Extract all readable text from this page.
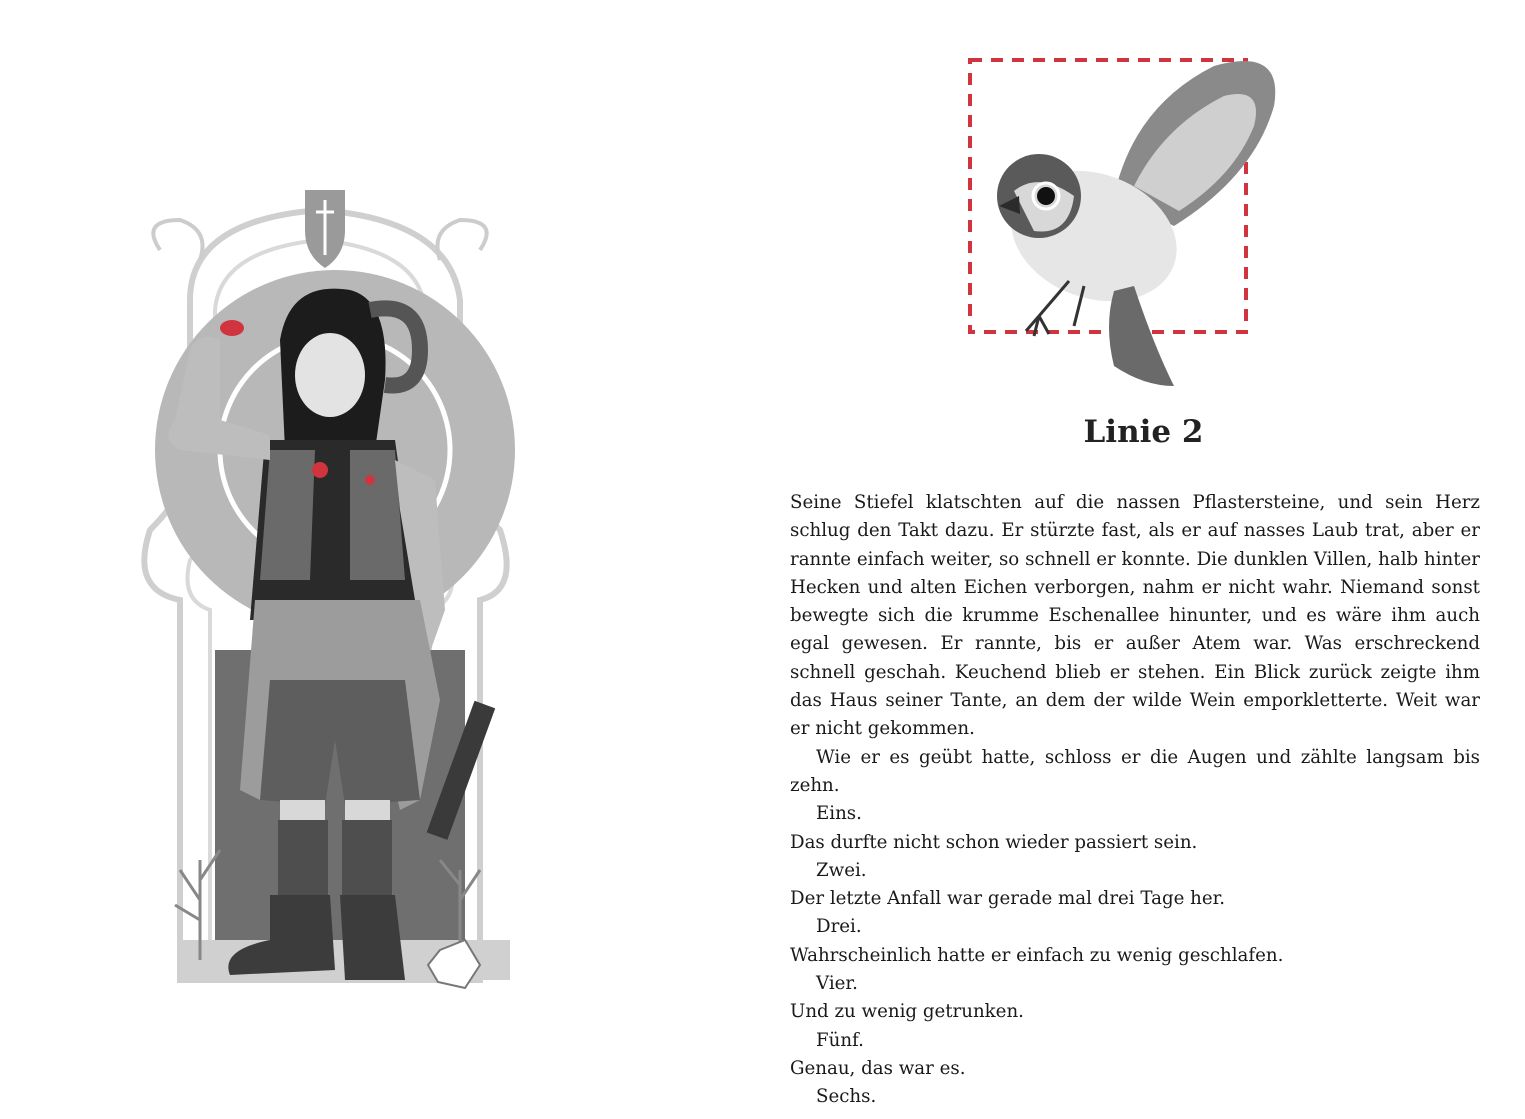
Linie 2

Seine Stiefel klatschten auf die nassen Pflastersteine, und sein Herz schlug den Takt dazu. Er stürzte fast, als er auf nasses Laub trat, aber er rannte einfach weiter, so schnell er konnte. Die dunklen Villen, halb hinter Hecken und alten Eichen verborgen, nahm er nicht wahr. Niemand sonst bewegte sich die krumme Eschenallee hinunter, und es wäre ihm auch egal gewesen. Er rannte, bis er außer Atem war. Was erschreckend schnell geschah. Keuchend blieb er stehen. Ein Blick zurück zeigte ihm das Haus seiner Tante, an dem der wilde Wein emporkletterte. Weit war er nicht gekommen.

Wie er es geübt hatte, schloss er die Augen und zählte langsam bis zehn.

Eins.

Das durfte nicht schon wieder passiert sein.

Zwei.

Der letzte Anfall war gerade mal drei Tage her.

Drei.

Wahrscheinlich hatte er einfach zu wenig geschlafen.

Vier.

Und zu wenig getrunken.

Fünf.

Genau, das war es.

Sechs.
